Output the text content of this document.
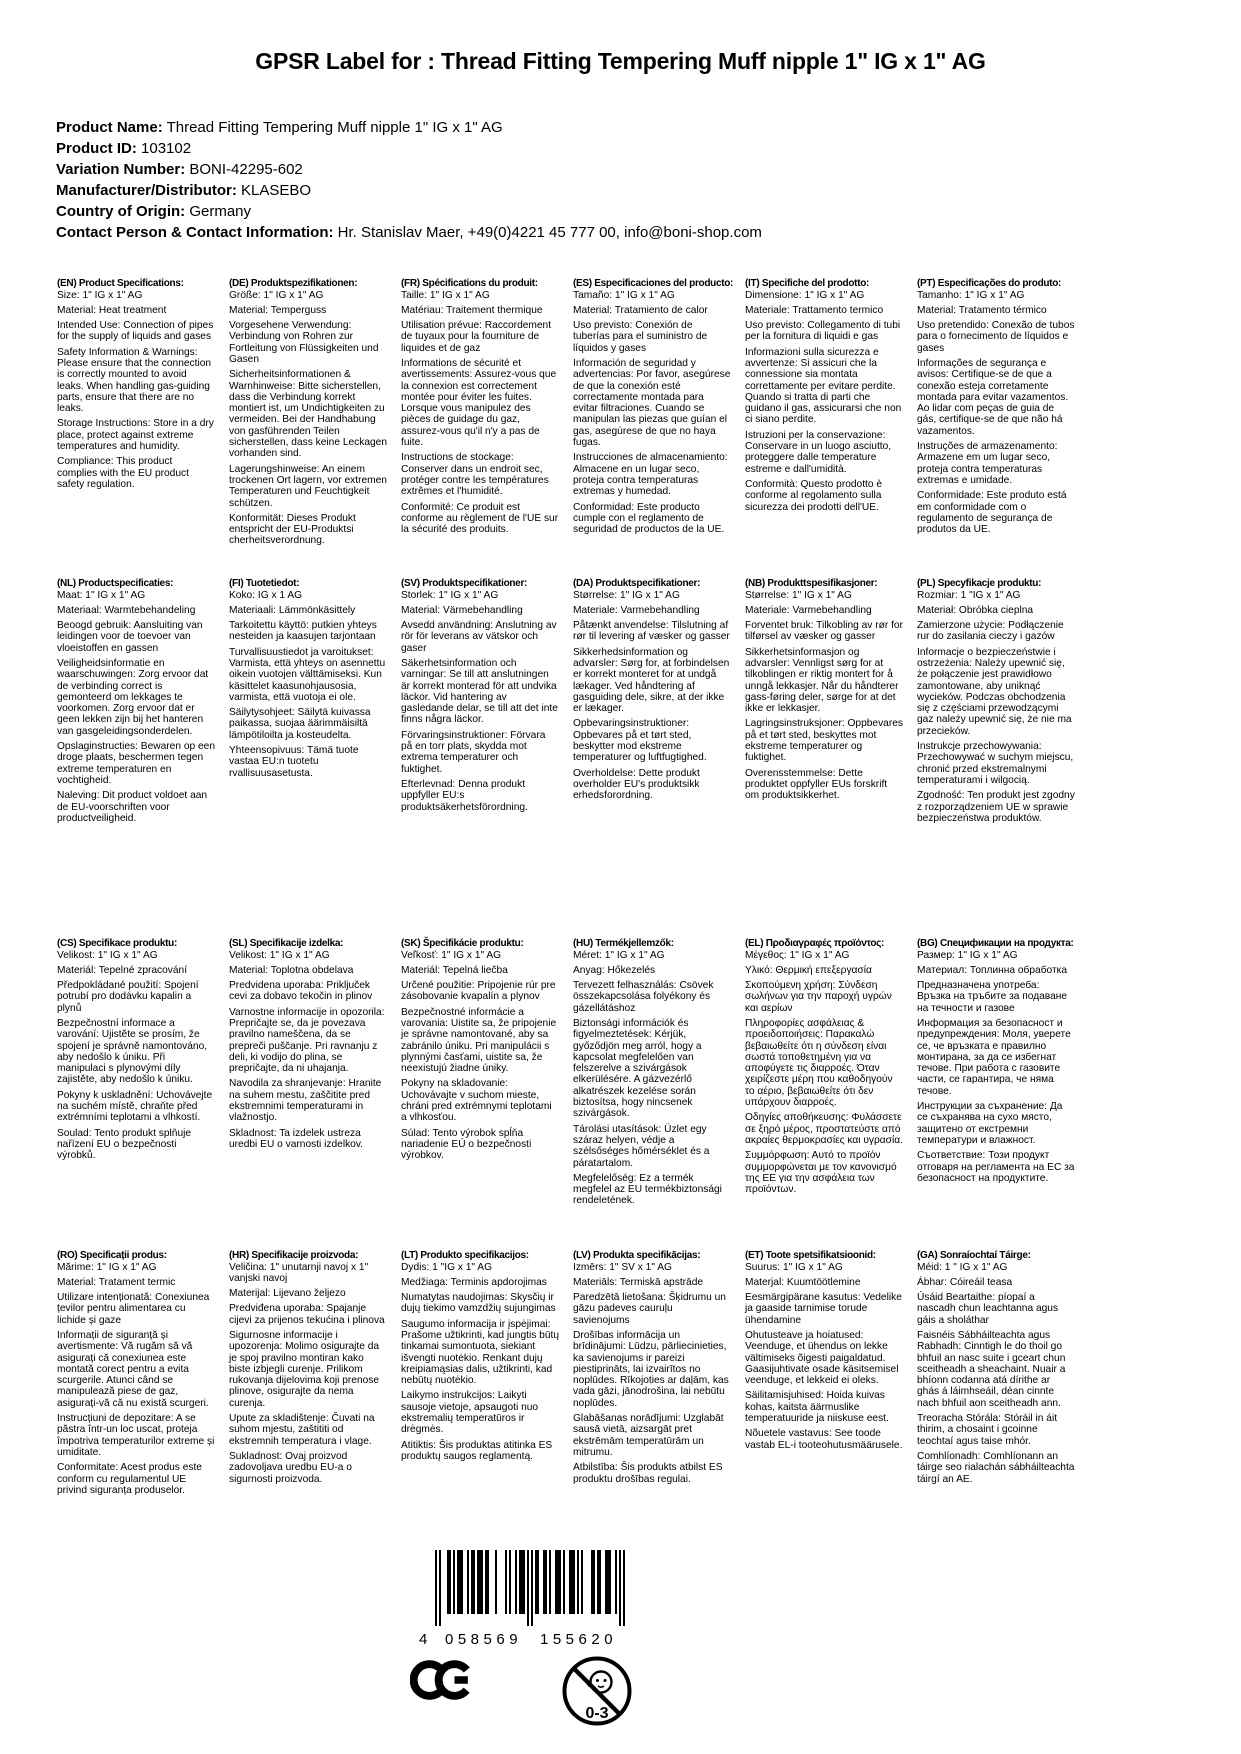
GPSR Label for : Thread Fitting Tempering Muff nipple 1" IG x 1" AG
Product Name: Thread Fitting Tempering Muff nipple 1" IG x 1" AG
Product ID: 103102
Variation Number: BONI-42295-602
Manufacturer/Distributor: KLASEBO
Country of Origin: Germany
Contact Person & Contact Information: Hr. Stanislav Maer, +49(0)4221 45 777 00, info@boni-shop.com
(EN) Product Specifications:

Size: 1" IG x 1" AG

Material: Heat treatment

Intended Use: Connection of pipes for the supply of liquids and gases

Safety Information & Warnings: Please ensure that the connection is correctly mounted to avoid leaks. When handling gas-guiding parts, ensure that there are no leaks.

Storage Instructions: Store in a dry place, protect against extreme temperatures and humidity.

Compliance: This product complies with the EU product safety regulation.

(DE) Produktspezifikationen:

Größe: 1" IG x 1" AG

Material: Temperguss

Vorgesehene Verwendung: Verbindung von Rohren zur Fortleitung von Flüssigkeiten und Gasen

Sicherheitsinformationen & Warnhinweise: Bitte sicherstellen, dass die Verbindung korrekt montiert ist, um Undichtigkeiten zu vermeiden. Bei der Handhabung von gasführenden Teilen sicherstellen, dass keine Leckagen vorhanden sind.

Lagerungshinweise: An einem trockenen Ort lagern, vor extremen Temperaturen und Feuchtigkeit schützen.

Konformität: Dieses Produkt entspricht der EU-Produktsi cherheitsverordnung.

(FR) Spécifications du produit:

Taille: 1" IG x 1" AG

Matériau: Traitement thermique

Utilisation prévue: Raccordement de tuyaux pour la fourniture de liquides et de gaz

Informations de sécurité et avertissements: Assurez-vous que la connexion est correctement montée pour éviter les fuites. Lorsque vous manipulez des pièces de guidage du gaz, assurez-vous qu'il n'y a pas de fuite.

Instructions de stockage: Conserver dans un endroit sec, protéger contre les températures extrêmes et l'humidité.

Conformité: Ce produit est conforme au règlement de l'UE sur la sécurité des produits.

(ES) Especificaciones del producto:

Tamaño: 1" IG x 1" AG

Material: Tratamiento de calor

Uso previsto: Conexión de tuberías para el suministro de líquidos y gases

Información de seguridad y advertencias: Por favor, asegúrese de que la conexión esté correctamente montada para evitar filtraciones. Cuando se manipulan las piezas que guían el gas, asegúrese de que no haya fugas.

Instrucciones de almacenamiento: Almacene en un lugar seco, proteja contra temperaturas extremas y humedad.

Conformidad: Este producto cumple con el reglamento de seguridad de productos de la UE.

(IT) Specifiche del prodotto:

Dimensione: 1" IG x 1" AG

Materiale: Trattamento termico

Uso previsto: Collegamento di tubi per la fornitura di liquidi e gas

Informazioni sulla sicurezza e avvertenze: Si assicuri che la connessione sia montata correttamente per evitare perdite. Quando si tratta di parti che guidano il gas, assicurarsi che non ci siano perdite.

Istruzioni per la conservazione: Conservare in un luogo asciutto, proteggere dalle temperature estreme e dall'umidità.

Conformità: Questo prodotto è conforme al regolamento sulla sicurezza dei prodotti dell'UE.

(PT) Especificações do produto:

Tamanho: 1" IG x 1" AG

Material: Tratamento térmico

Uso pretendido: Conexão de tubos para o fornecimento de líquidos e gases

Informações de segurança e avisos: Certifique-se de que a conexão esteja corretamente montada para evitar vazamentos. Ao lidar com peças de guia de gás, certifique-se de que não há vazamentos.

Instruções de armazenamento: Armazene em um lugar seco, proteja contra temperaturas extremas e umidade.

Conformidade: Este produto está em conformidade com o regulamento de segurança de produtos da UE.

(NL) Productspecificaties:

Maat: 1" IG x 1" AG

Materiaal: Warmtebehandeling

Beoogd gebruik: Aansluiting van leidingen voor de toevoer van vloeistoffen en gassen

Veiligheidsinformatie en waarschuwingen: Zorg ervoor dat de verbinding correct is gemonteerd om lekkages te voorkomen. Zorg ervoor dat er geen lekken zijn bij het hanteren van gasgeleidingsonderdelen.

Opslaginstructies: Bewaren op een droge plaats, beschermen tegen extreme temperaturen en vochtigheid.

Naleving: Dit product voldoet aan de EU-voorschriften voor productveiligheid.

(FI) Tuotetiedot:

Koko: IG x 1 AG

Materiaali: Lämmönkäsittely

Tarkoitettu käyttö: putkien yhteys nesteiden ja kaasujen tarjontaan

Turvallisuustiedot ja varoitukset: Varmista, että yhteys on asennettu oikein vuotojen välttämiseksi. Kun käsittelet kaasunohjausosia, varmista, että vuotoja ei ole.

Säilytysohjeet: Säilytä kuivassa paikassa, suojaa äärimmäisiltä lämpötiloilta ja kosteudelta.

Yhteensopivuus: Tämä tuote vastaa EU:n tuotetu rvallisuusasetusta.

(SV) Produktspecifikationer:

Storlek: 1" IG x 1" AG

Material: Värmebehandling

Avsedd användning: Anslutning av rör för leverans av vätskor och gaser

Säkerhetsinformation och varningar: Se till att anslutningen är korrekt monterad för att undvika läckor. Vid hantering av gasledande delar, se till att det inte finns några läckor.

Förvaringsinstruktioner: Förvara på en torr plats, skydda mot extrema temperaturer och fuktighet.

Efterlevnad: Denna produkt uppfyller EU:s produktsäkerhetsförordning.

(DA) Produktspecifikationer:

Størrelse: 1" IG x 1" AG

Materiale: Varmebehandling

Påtænkt anvendelse: Tilslutning af rør til levering af væsker og gasser

Sikkerhedsinformation og advarsler: Sørg for, at forbindelsen er korrekt monteret for at undgå lækager. Ved håndtering af gasguiding dele, sikre, at der ikke er lækager.

Opbevaringsinstruktioner: Opbevares på et tørt sted, beskytter mod ekstreme temperaturer og luftfugtighed.

Overholdelse: Dette produkt overholder EU's produktsikk erhedsforordning.

(NB) Produkttspesifikasjoner:

Størrelse: 1" IG x 1" AG

Materiale: Varmebehandling

Forventet bruk: Tilkobling av rør for tilførsel av væsker og gasser

Sikkerhetsinformasjon og advarsler: Vennligst sørg for at tilkoblingen er riktig montert for å unngå lekkasjer. Når du håndterer gass-føring deler, sørge for at det ikke er lekkasjer.

Lagringsinstruksjoner: Oppbevares på et tørt sted, beskyttes mot ekstreme temperaturer og fuktighet.

Overensstemmelse: Dette produktet oppfyller EUs forskrift om produktsikkerhet.

(PL) Specyfikacje produktu:

Rozmiar: 1 "IG x 1" AG

Materiał: Obróbka cieplna

Zamierzone użycie: Podłączenie rur do zasilania cieczy i gazów

Informacje o bezpieczeństwie i ostrzeżenia: Należy upewnić się, że połączenie jest prawidłowo zamontowane, aby uniknąć wycieków. Podczas obchodzenia się z częściami przewodzącymi gaz należy upewnić się, że nie ma przecieków.

Instrukcje przechowywania: Przechowywać w suchym miejscu, chronić przed ekstremalnymi temperaturami i wilgocią.

Zgodność: Ten produkt jest zgodny z rozporządzeniem UE w sprawie bezpieczeństwa produktów.

(CS) Specifikace produktu:

Velikost: 1" IG x 1" AG

Materiál: Tepelné zpracování

Předpokládané použití: Spojení potrubí pro dodávku kapalin a plynů

Bezpečnostní informace a varování: Ujistěte se prosím, že spojení je správně namontováno, aby nedošlo k úniku. Při manipulaci s plynovými díly zajistěte, aby nedošlo k úniku.

Pokyny k uskladnění: Uchovávejte na suchém místě, chraňte před extrémními teplotami a vlhkostí.

Soulad: Tento produkt splňuje nařízení EU o bezpečnosti výrobků.

(SL) Specifikacije izdelka:

Velikost: 1" IG x 1" AG

Material: Toplotna obdelava

Predvidena uporaba: Priključek cevi za dobavo tekočin in plinov

Varnostne informacije in opozorila: Prepričajte se, da je povezava pravilno nameščena, da se prepreči puščanje. Pri ravnanju z deli, ki vodijo do plina, se prepričajte, da ni uhajanja.

Navodila za shranjevanje: Hranite na suhem mestu, zaščitite pred ekstremnimi temperaturami in vlažnostjo.

Skladnost: Ta izdelek ustreza uredbi EU o varnosti izdelkov.

(SK) Špecifikácie produktu:

Veľkosť: 1" IG x 1" AG

Materiál: Tepelná liečba

Určené použitie: Pripojenie rúr pre zásobovanie kvapalín a plynov

Bezpečnostné informácie a varovania: Uistite sa, že pripojenie je správne namontované, aby sa zabránilo úniku. Pri manipulácii s plynnými časťami, uistite sa, že neexistujú žiadne úniky.

Pokyny na skladovanie: Uchovávajte v suchom mieste, chráni pred extrémnymi teplotami a vlhkosťou.

Súlad: Tento výrobok spĺňa nariadenie EÚ o bezpečnosti výrobkov.

(HU) Termékjellemzők:

Méret: 1" IG x 1" AG

Anyag: Hőkezelés

Tervezett felhasználás: Csövek összekapcsolása folyékony és gázellátáshoz

Biztonsági információk és figyelmeztetések: Kérjük, győződjön meg arról, hogy a kapcsolat megfelelően van felszerelve a szivárgások elkerülésére. A gázvezérlő alkatrészek kezelése során biztosítsa, hogy nincsenek szivárgások.

Tárolási utasítások: Üzlet egy száraz helyen, védje a szélsőséges hőmérséklet és a páratartalom.

Megfelelőség: Ez a termék megfelel az EU termékbiztonsági rendeletének.

(EL) Προδιαγραφές προϊόντος:

Μέγεθος: 1" IG x 1" AG

Υλικό: Θερμική επεξεργασία

Σκοπούμενη χρήση: Σύνδεση σωλήνων για την παροχή υγρών και αερίων

Πληροφορίες ασφάλειας & προειδοποιήσεις: Παρακαλώ βεβαιωθείτε ότι η σύνδεση είναι σωστά τοποθετημένη για να αποφύγετε τις διαρροές. Όταν χειρίζεστε μέρη που καθοδηγούν το αέριο, βεβαιωθείτε ότι δεν υπάρχουν διαρροές.

Οδηγίες αποθήκευσης: Φυλάσσετε σε ξηρό μέρος, προστατεύστε από ακραίες θερμοκρασίες και υγρασία.

Συμμόρφωση: Αυτό το προϊόν συμμορφώνεται με τον κανονισμό της ΕΕ για την ασφάλεια των προϊόντων.

(BG) Спецификации на продукта:

Размер: 1" IG x 1" AG

Материал: Топлинна обработка

Предназначена употреба: Връзка на тръбите за подаване на течности и газове

Информация за безопасност и предупреждения: Моля, уверете се, че връзката е правилно монтирана, за да се избегнат течове. При работа с газовите части, се гарантира, че няма течове.

Инструкции за съхранение: Да се съхранява на сухо място, защитено от екстремни температури и влажност.

Съответствие: Този продукт отговаря на регламента на ЕС за безопасност на продуктите.

(RO) Specificații produs:

Mărime: 1" IG x 1" AG

Material: Tratament termic

Utilizare intenționată: Conexiunea țevilor pentru alimentarea cu lichide și gaze

Informații de siguranță și avertismente: Vă rugăm să vă asigurați că conexiunea este montată corect pentru a evita scurgerile. Atunci când se manipulează piese de gaz, asigurați-vă că nu există scurgeri.

Instrucțiuni de depozitare: A se păstra într-un loc uscat, proteja împotriva temperaturilor extreme și umiditate.

Conformitate: Acest produs este conform cu regulamentul UE privind siguranța produselor.

(HR) Specifikacije proizvoda:

Veličina: 1" unutarnji navoj x 1" vanjski navoj

Materijal: Lijevano željezo

Predviđena uporaba: Spajanje cijevi za prijenos tekućina i plinova

Sigurnosne informacije i upozorenja: Molimo osigurajte da je spoj pravilno montiran kako biste izbjegli curenje. Prilikom rukovanja dijelovima koji prenose plinove, osigurajte da nema curenja.

Upute za skladištenje: Čuvati na suhom mjestu, zaštititi od ekstremnih temperatura i vlage.

Sukladnost: Ovaj proizvod zadovoljava uredbu EU-a o sigurnosti proizvoda.

(LT) Produkto specifikacijos:

Dydis: 1 "IG x 1" AG

Medžiaga: Terminis apdorojimas

Numatytas naudojimas: Skysčių ir dujų tiekimo vamzdžių sujungimas

Saugumo informacija ir įspėjimai: Prašome užtikrinti, kad jungtis būtų tinkamai sumontuota, siekiant išvengti nuotėkio. Renkant dujų kreipiamąsias dalis, užtikrinti, kad nebūtų nuotėkio.

Laikymo instrukcijos: Laikyti sausoje vietoje, apsaugoti nuo ekstremalių temperatūros ir drėgmės.

Atitiktis: Šis produktas atitinka ES produktų saugos reglamentą.

(LV) Produkta specifikācijas:

Izmērs: 1" SV x 1" AG

Materiāls: Termiskā apstrāde

Paredzētā lietošana: Šķidrumu un gāzu padeves cauruļu savienojums

Drošības informācija un brīdinājumi: Lūdzu, pārliecinieties, ka savienojums ir pareizi piestiprināts, lai izvairītos no noplūdes. Rīkojoties ar daļām, kas vada gāzi, jānodrošina, lai nebūtu noplūdes.

Glabāšanas norādījumi: Uzglabāt sausā vietā, aizsargāt pret ekstrēmām temperatūrām un mitrumu.

Atbilstība: Šis produkts atbilst ES produktu drošības regulai.

(ET) Toote spetsifikatsioonid:

Suurus: 1" IG x 1" AG

Materjal: Kuumtöötlemine

Eesmärgipärane kasutus: Vedelike ja gaaside tarnimise torude ühendamine

Ohutusteave ja hoiatused: Veenduge, et ühendus on lekke vältimiseks õigesti paigaldatud. Gaasijuhtivate osade käsitsemisel veenduge, et lekkeid ei oleks.

Säilitamisjuhised: Hoida kuivas kohas, kaitsta äärmuslike temperatuuride ja niiskuse eest.

Nõuetele vastavus: See toode vastab EL-i tooteohutusmäärusele.

(GA) Sonraíochtaí Táirge:

Méid: 1 " IG x 1" AG

Ábhar: Cóireáil teasa

Úsáid Beartaithe: píopaí a nascadh chun leachtanna agus gáis a sholáthar

Faisnéis Sábháilteachta agus Rabhadh: Cinntigh le do thoil go bhfuil an nasc suite i gceart chun sceitheadh a sheachaint. Nuair a bhíonn codanna atá dírithe ar ghás á láimhseáil, déan cinnte nach bhfuil aon sceitheadh ann.

Treoracha Stórála: Stóráil in áit thirim, a chosaint i gcoinne teochtaí agus taise mhór.

Comhlíonadh: Comhlíonann an táirge seo rialachán sábháilteachta táirgí an AE.

4 058569 155620
0-3
